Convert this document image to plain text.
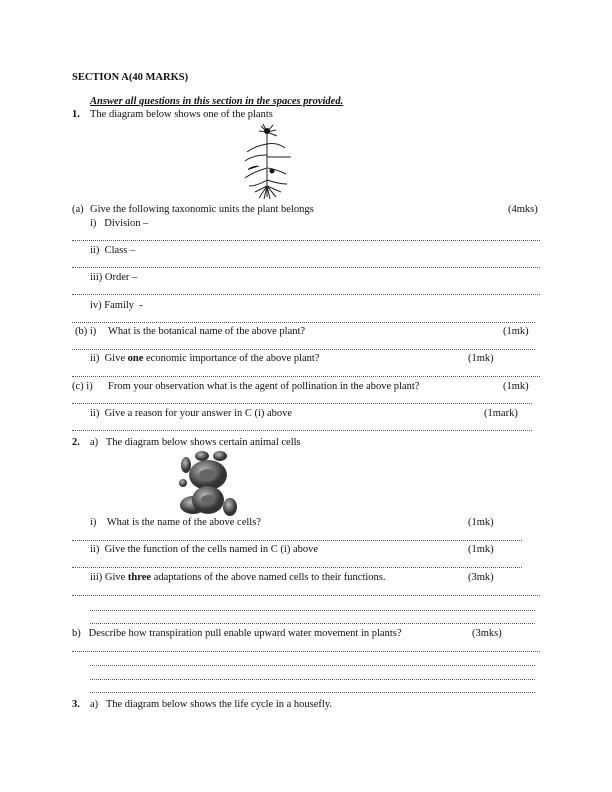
SECTION A(40 MARKS)
Answer all questions in this section in the spaces provided.
1. The diagram below shows one of the plants
(a) Give the following taxonomic units the plant belongs	(4mks)
i)   Division –
ii)  Class –
iii) Order –
iv) Family  -
(b) i) What is the botanical name of the above plant?	(1mk)
ii)  Give one economic importance of the above plant?	(1mk)
(c) i) From your observation what is the agent of pollination in the above plant?	(1mk)
ii)  Give a reason for your answer in C (i) above	(1mark)
2. a)   The diagram below shows certain animal cells
i)    What is the name of the above cells?	(1mk)
ii)  Give the function of the cells named in C (i) above	(1mk)
iii) Give three adaptations of the above named cells to their functions.	(3mk)
b)   Describe how transpiration pull enable upward water movement in plants?	(3mks)
3. a)   The diagram below shows the life cycle in a housefly.
